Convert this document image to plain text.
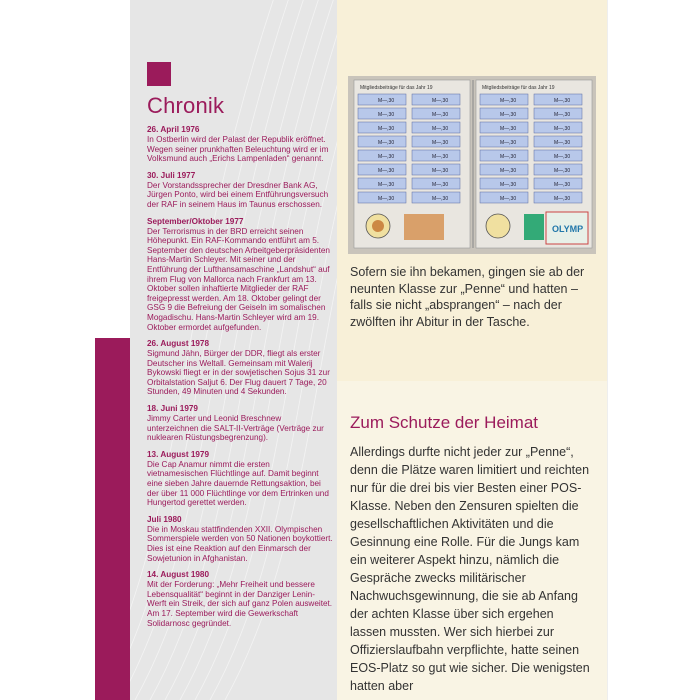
Chronik
26. April 1976
In Ostberlin wird der Palast der Republik eröffnet. Wegen seiner prunkhaften Beleuchtung wird er im Volksmund auch „Erichs Lampenladen“ genannt.
30. Juli 1977
Der Vorstandssprecher der Dresdner Bank AG, Jürgen Ponto, wird bei einem Entführungsversuch der RAF in seinem Haus im Taunus erschossen.
September/Oktober 1977
Der Terrorismus in der BRD erreicht seinen Höhepunkt. Ein RAF-Kommando entführt am 5. September den deutschen Arbeitgeberpräsidenten Hans-Martin Schleyer. Mit seiner und der Entführung der Lufthansamaschine „Landshut“ auf ihrem Flug von Mallorca nach Frankfurt am 13. Oktober sollen inhaftierte Mitglieder der RAF freigepresst werden. Am 18. Oktober gelingt der GSG 9 die Befreiung der Geiseln im somalischen Mogadischu. Hans-Martin Schleyer wird am 19. Oktober ermordet aufgefunden.
26. August 1978
Sigmund Jähn, Bürger der DDR, fliegt als erster Deutscher ins Weltall. Gemeinsam mit Walerij Bykowski fliegt er in der sowjetischen Sojus 31 zur Orbitalstation Saljut 6. Der Flug dauert 7 Tage, 20 Stunden, 49 Minuten und 4 Sekunden.
18. Juni 1979
Jimmy Carter und Leonid Breschnew unterzeichnen die SALT-II-Verträge (Verträge zur nuklearen Rüstungsbegrenzung).
13. August 1979
Die Cap Anamur nimmt die ersten vietnamesischen Flüchtlinge auf. Damit beginnt eine sieben Jahre dauernde Rettungsaktion, bei der über 11 000 Flüchtlinge vor dem Ertrinken und Hungertod gerettet werden.
Juli 1980
Die in Moskau stattfindenden XXII. Olympischen Sommerspiele werden von 50 Nationen boykottiert. Dies ist eine Reaktion auf den Einmarsch der Sowjetunion in Afghanistan.
14. August 1980
Mit der Forderung: „Mehr Freiheit und bessere Lebensqualität“ beginnt in der Danziger Lenin-Werft ein Streik, der sich auf ganz Polen ausweitet. Am 17. September wird die Gewerkschaft Solidarnosc gegründet.
Mitgliedsbeiträge für das Jahr 19	Mitgliedsbeiträge für das Jahr 19
M—,30	M—,30
M—,30	M—,30
M—,30	M—,30
M—,30	M—,30
M—,30	M—,30
M—,30	M—,30
M—,30	M—,30
M—,30	M—,30
M—,30	M—,30
M—,30	M—,30
M—,30	M—,30
M—,30	M—,30
M—,30	M—,30
M—,30	M—,30
M—,30	M—,30
M—,30	M—,30
OLYMP
Sofern sie ihn bekamen, gingen sie ab der neunten Klasse zur „Penne“ und hatten – falls sie nicht „absprangen“ – nach der zwölften ihr Abitur in der Tasche.
Zum Schutze der Heimat
Allerdings durfte nicht jeder zur „Penne“, denn die Plätze waren limitiert und reichten nur für die drei bis vier Besten einer POS-Klasse. Neben den Zensuren spielten die gesellschaftlichen Aktivitäten und die Gesinnung eine Rolle. Für die Jungs kam ein weiterer Aspekt hinzu, nämlich die Gespräche zwecks militärischer Nachwuchsgewinnung, die sie ab Anfang der achten Klasse über sich ergehen lassen mussten. Wer sich hierbei zur Offizierslaufbahn verpflichte, hatte seinen EOS-Platz so gut wie sicher. Die wenigsten hatten aber
